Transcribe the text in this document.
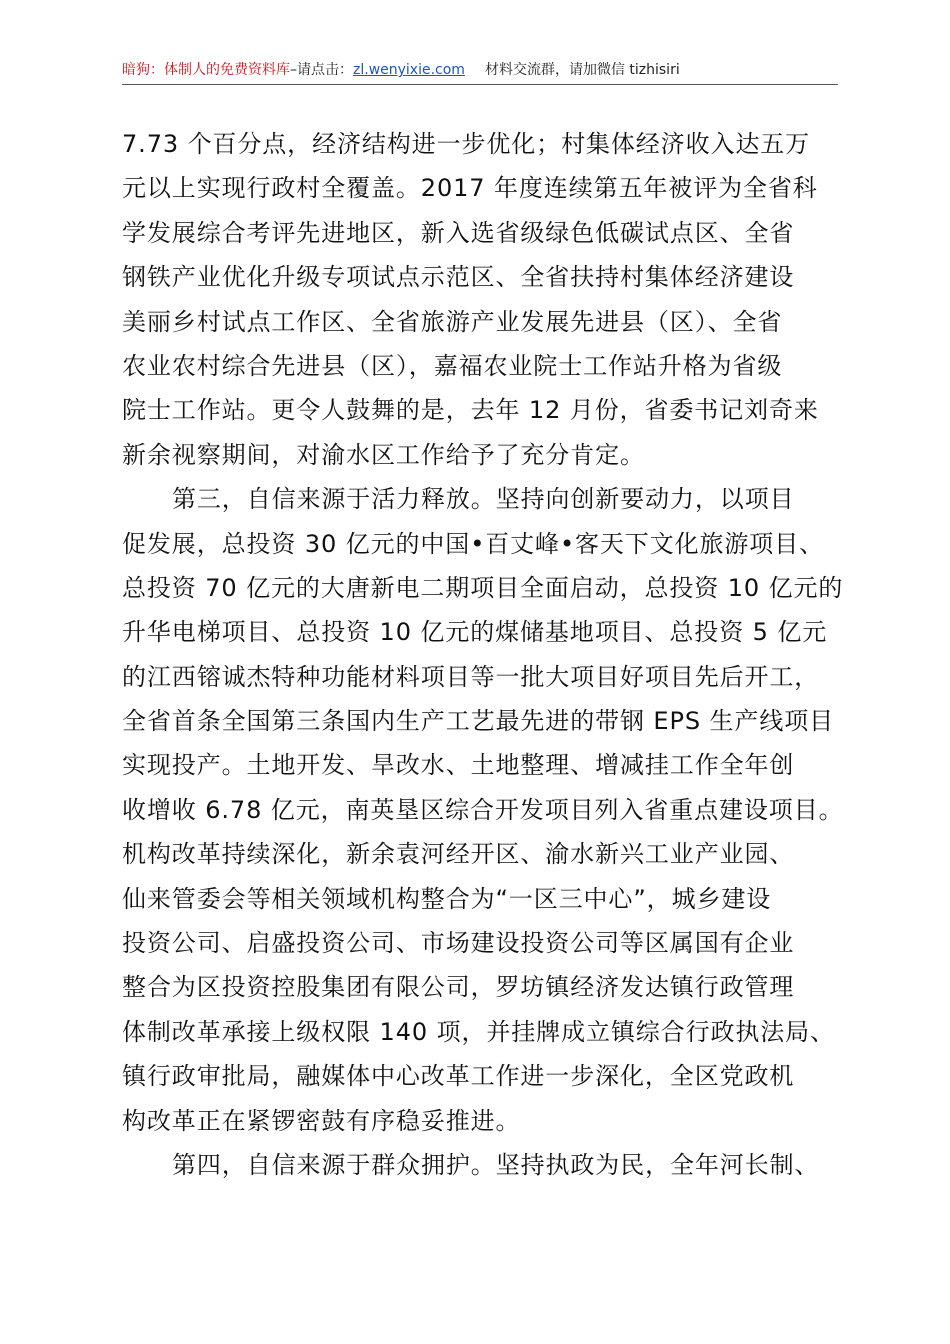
暗狗：体制人的免费资料库–请点击：zl.wenyixie.com 材料交流群，请加微信 tizhisiri
7.73 个百分点，经济结构进一步优化；村集体经济收入达五万
元以上实现行政村全覆盖。2017 年度连续第五年被评为全省科
学发展综合考评先进地区，新入选省级绿色低碳试点区、全省
钢铁产业优化升级专项试点示范区、全省扶持村集体经济建设
美丽乡村试点工作区、全省旅游产业发展先进县（区）、全省
农业农村综合先进县（区），嘉福农业院士工作站升格为省级
院士工作站。更令人鼓舞的是，去年 12 月份，省委书记刘奇来
新余视察期间，对渝水区工作给予了充分肯定。
第三，自信来源于活力释放。坚持向创新要动力，以项目
促发展，总投资 30 亿元的中国•百丈峰•客天下文化旅游项目、
总投资 70 亿元的大唐新电二期项目全面启动，总投资 10 亿元的
升华电梯项目、总投资 10 亿元的煤储基地项目、总投资 5 亿元
的江西镕诚杰特种功能材料项目等一批大项目好项目先后开工，
全省首条全国第三条国内生产工艺最先进的带钢 EPS 生产线项目
实现投产。土地开发、旱改水、土地整理、增减挂工作全年创
收增收 6.78 亿元，南英垦区综合开发项目列入省重点建设项目。
机构改革持续深化，新余袁河经开区、渝水新兴工业产业园、
仙来管委会等相关领域机构整合为“一区三中心”，城乡建设
投资公司、启盛投资公司、市场建设投资公司等区属国有企业
整合为区投资控股集团有限公司，罗坊镇经济发达镇行政管理
体制改革承接上级权限 140 项，并挂牌成立镇综合行政执法局、
镇行政审批局，融媒体中心改革工作进一步深化，全区党政机
构改革正在紧锣密鼓有序稳妥推进。
第四，自信来源于群众拥护。坚持执政为民，全年河长制、
